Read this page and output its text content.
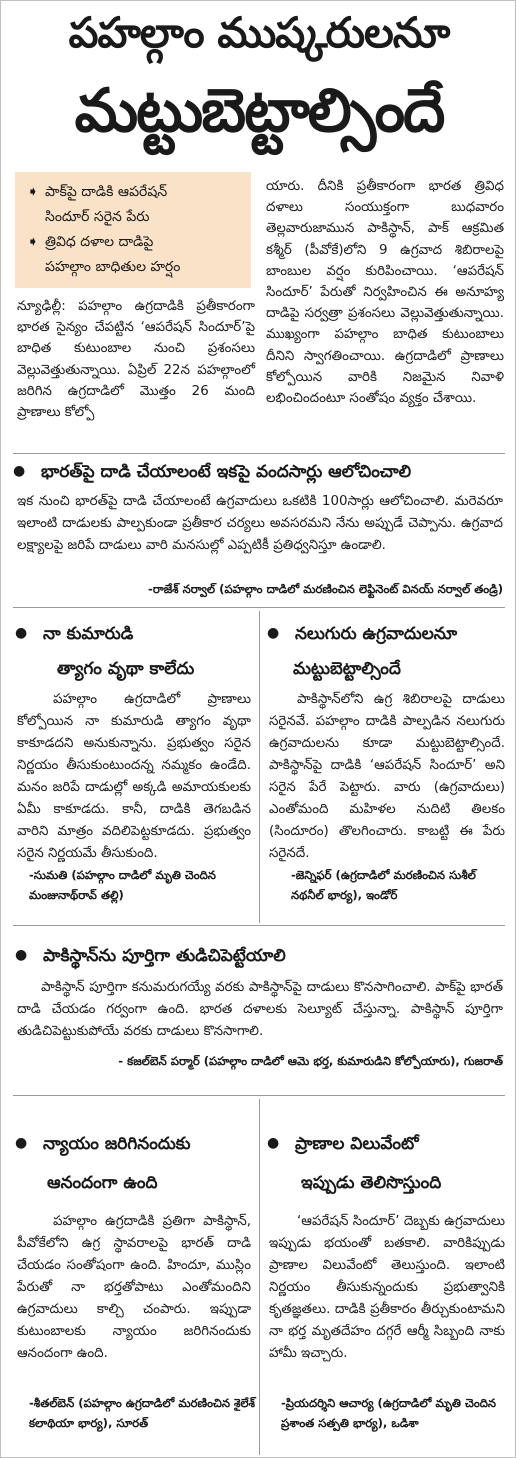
పహల్గాం ముష్కరులనూ
మట్టుబెట్టాల్సిందే
➧ పాక్‌పై దాడికి ఆపరేషన్
సిందూర్‌ సరైన పేరు
➧ త్రివిధ దళాల దాడిపై
పహల్గాం బాధితుల హర్షం
న్యూఢిల్లీ: పహల్గాం ఉగ్రదాడికి ప్రతీకారంగా భారత సైన్యం చేపట్టిన ‘ఆపరేషన్‌ సిందూర్‌’పై బాధిత కుటుంబాల నుంచి ప్రశంసలు వెల్లువెత్తుతున్నాయి. ఏప్రిల్‌ 22న పహల్గాంలో జరిగిన ఉగ్రదాడిలో మొత్తం 26 మంది ప్రాణాలు కోల్పో
యారు. దీనికి ప్రతీకారంగా భారత త్రివిధ దళాలు సంయుక్తంగా బుధవారం తెల్లవారుజామున పాకిస్థాన్‌, పాక్‌ ఆక్రమిత కశ్మీర్‌ (పీవోకే)లోని 9 ఉగ్రవాద శిబిరాలపై బాంబుల వర్షం కురిపించాయి. ‘ఆపరేషన్‌ సిందూర్‌’ పేరుతో నిర్వహించిన ఈ అనూహ్య దాడిపై సర్వత్రా ప్రశంసలు వెల్లువెత్తుతున్నాయి. ముఖ్యంగా పహల్గాం బాధిత కుటుంబాలు దీనిని స్వాగతించాయి. ఉగ్రదాడిలో ప్రాణాలు కోల్పోయిన వారికి నిజమైన నివాళి లభించిందంటూ సంతోషం వ్యక్తం చేశాయి.
● భారత్‌పై దాడి చేయాలంటే ఇకపై వందసార్లు ఆలోచించాలి
ఇక నుంచి భారత్‌పై దాడి చేయాలంటే ఉగ్రవాదులు ఒకటికి 100సార్లు ఆలోచించాలి. మరెవరూ ఇలాంటి దాడులకు పాల్పకుండా ప్రతీకార చర్యలు అవసరమని నేను అప్పుడే చెప్పాను. ఉగ్రవాద లక్ష్యాలపై జరిపే దాడులు వారి మనసుల్లో ఎప్పటికీ ప్రతిధ్వనిస్తూ ఉండాలి.
-రాజేశ్‌ నర్వాల్‌ (పహల్గాం దాడిలో మరణించిన లెఫ్టినెంట్‌ వినయ్‌ నర్వాల్‌ తండ్రి)
● నా కుమారుడి
త్యాగం వృథా కాలేదు
పహల్గాం ఉగ్రదాడిలో ప్రాణాలు కోల్పోయిన నా కుమారుడి త్యాగం వృథా కాకూడదని అనుకున్నాను. ప్రభుత్వం సరైన నిర్ణయం తీసుకుంటుందన్న నమ్మకం ఉండేది. మనం జరిపే దాడుల్లో అక్కడి అమాయకులకు ఏమీ కాకూడదు. కానీ, దాడికి తెగబడిన వారిని మాత్రం వదిలిపెట్టకూడదు. ప్రభుత్వం సరైన నిర్ణయమే తీసుకుంది.
-సుమతి (పహల్గాం దాడిలో మృతి చెందిన మంజునాథ్‌రావ్‌ తల్లి)
● నలుగురు ఉగ్రవాదులనూ
మట్టుబెట్టాల్సిందే
పాకిస్థాన్‌లోని ఉగ్ర శిబిరాలపై దాడులు సరైనవే. పహల్గాం దాడికి పాల్పడిన నలుగురు ఉగ్రవాదులను కూడా మట్టుబెట్టాల్సిందే. పాకిస్థాన్‌పై దాడికి ‘ఆపరేషన్‌ సిందూర్‌’ అని సరైన పేరే పెట్టారు. వారు (ఉగ్రవాదులు) ఎంతోమంది మహిళల నుదిటి తిలకం (సిందూరం) తొలగించారు. కాబట్టి ఈ పేరు సరైనదే.
-జెన్నిఫర్‌ (ఉగ్రదాడిలో మరణించిన సుశీల్‌ నథనీల్‌ భార్య), ఇండోర్‌
● పాకిస్థాన్‌ను పూర్తిగా తుడిచిపెట్టేయాలి
పాకిస్థాన్‌ పూర్తిగా కనుమరుగయ్యే వరకు పాకిస్థాన్‌పై దాడులు కొనసాగించాలి. పాక్‌పై భారత్‌ దాడి చేయడం గర్వంగా ఉంది. భారత దళాలకు సెల్యూట్‌ చేస్తున్నా. పాకిస్థాన్‌ పూర్తిగా తుడిచిపెట్టుకుపోయే వరకు దాడులు కొనసాగాలి.
- కజల్‌బెన్‌ పర్మార్‌ (పహల్గాం దాడిలో ఆమె భర్త, కుమారుడిని కోల్పోయారు), గుజరాత్‌
● న్యాయం జరిగినందుకు
ఆనందంగా ఉంది
పహల్గాం ఉగ్రదాడికి ప్రతిగా పాకిస్థాన్‌, పీవోకేలోని ఉగ్ర స్థావరాలపై భారత్‌ దాడి చేయడం సంతోషంగా ఉంది. హిందూ, ముస్లిం పేరుతో నా భర్తతోపాటు ఎంతోమందిని ఉగ్రవాదులు కాల్చి చంపారు. ఇప్పుడా కుటుంబాలకు న్యాయం జరిగినందుకు ఆనందంగా ఉంది.
-శీతల్‌బెన్‌ (పహల్గాం ఉగ్రదాడిలో మరణించిన శైలేశ్‌ కలాథియా భార్య), సూరత్‌
● ప్రాణాల విలువేంటో
ఇప్పుడు తెలిసొస్తుంది
‘ఆపరేషన్‌ సిందూర్‌’ దెబ్బకు ఉగ్రవాదులు ఇప్పుడు భయంతో బతకాలి. వారికిప్పుడు ప్రాణాల విలువేంటో తెలుస్తుంది. ఇలాంటి నిర్ణయం తీసుకున్నందుకు ప్రభుత్వానికి కృతజ్ఞతలు. దాడికి ప్రతీకారం తీర్చుకుంటామని నా భర్త మృతదేహం దగ్గరే ఆర్మీ సిబ్బంది నాకు హామీ ఇచ్చారు.
-ప్రియదర్శిని ఆచార్య (ఉగ్రదాడిలో మృతి చెందిన ప్రశాంత సత్పతి భార్య), ఒడిశా
